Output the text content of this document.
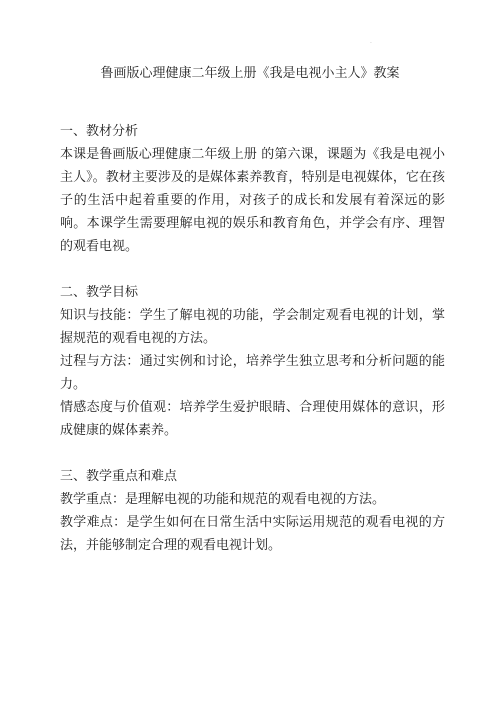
·
鲁画版心理健康二年级上册《我是电视小主人》教案
一、教材分析
本课是鲁画版心理健康二年级上册 的第六课，课题为《我是电视小主人》。教材主要涉及的是媒体素养教育，特别是电视媒体，它在孩子的生活中起着重要的作用，对孩子的成长和发展有着深远的影响。本课学生需要理解电视的娱乐和教育角色，并学会有序、理智的观看电视。
二、教学目标
知识与技能：学生了解电视的功能，学会制定观看电视的计划，掌握规范的观看电视的方法。
过程与方法：通过实例和讨论，培养学生独立思考和分析问题的能力。
情感态度与价值观：培养学生爱护眼睛、合理使用媒体的意识，形成健康的媒体素养。
三、教学重点和难点
教学重点：是理解电视的功能和规范的观看电视的方法。
教学难点：是学生如何在日常生活中实际运用规范的观看电视的方法，并能够制定合理的观看电视计划。
